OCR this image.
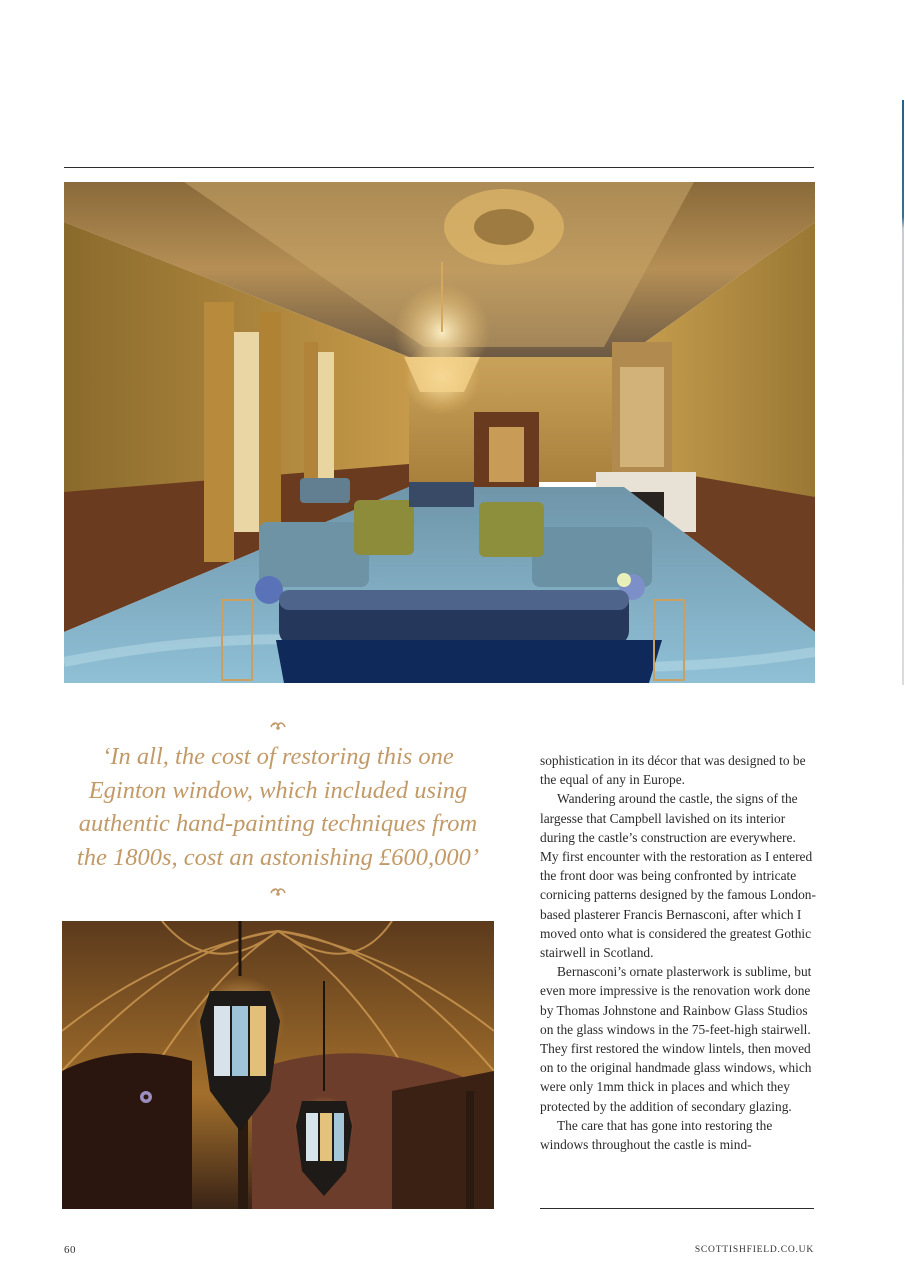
‘In all, the cost of restoring this one Eginton window, which included using authentic hand-painting techniques from the 1800s, cost an astonishing £600,000’

sophistication in its décor that was designed to be the equal of any in Europe.

Wandering around the castle, the signs of the largesse that Campbell lavished on its interior during the castle’s construction are everywhere. My first encounter with the restoration as I entered the front door was being confronted by intricate cornicing patterns designed by the famous London-based plasterer Francis Bernasconi, after which I moved onto what is considered the greatest Gothic stairwell in Scotland.

Bernasconi’s ornate plasterwork is sublime, but even more impressive is the renovation work done by Thomas Johnstone and Rainbow Glass Studios on the glass windows in the 75-feet-high stairwell. They first restored the window lintels, then moved on to the original handmade glass windows, which were only 1mm thick in places and which they protected by the addition of secondary glazing.

The care that has gone into restoring the windows throughout the castle is mind-

60	SCOTTISHFIELD.CO.UK
